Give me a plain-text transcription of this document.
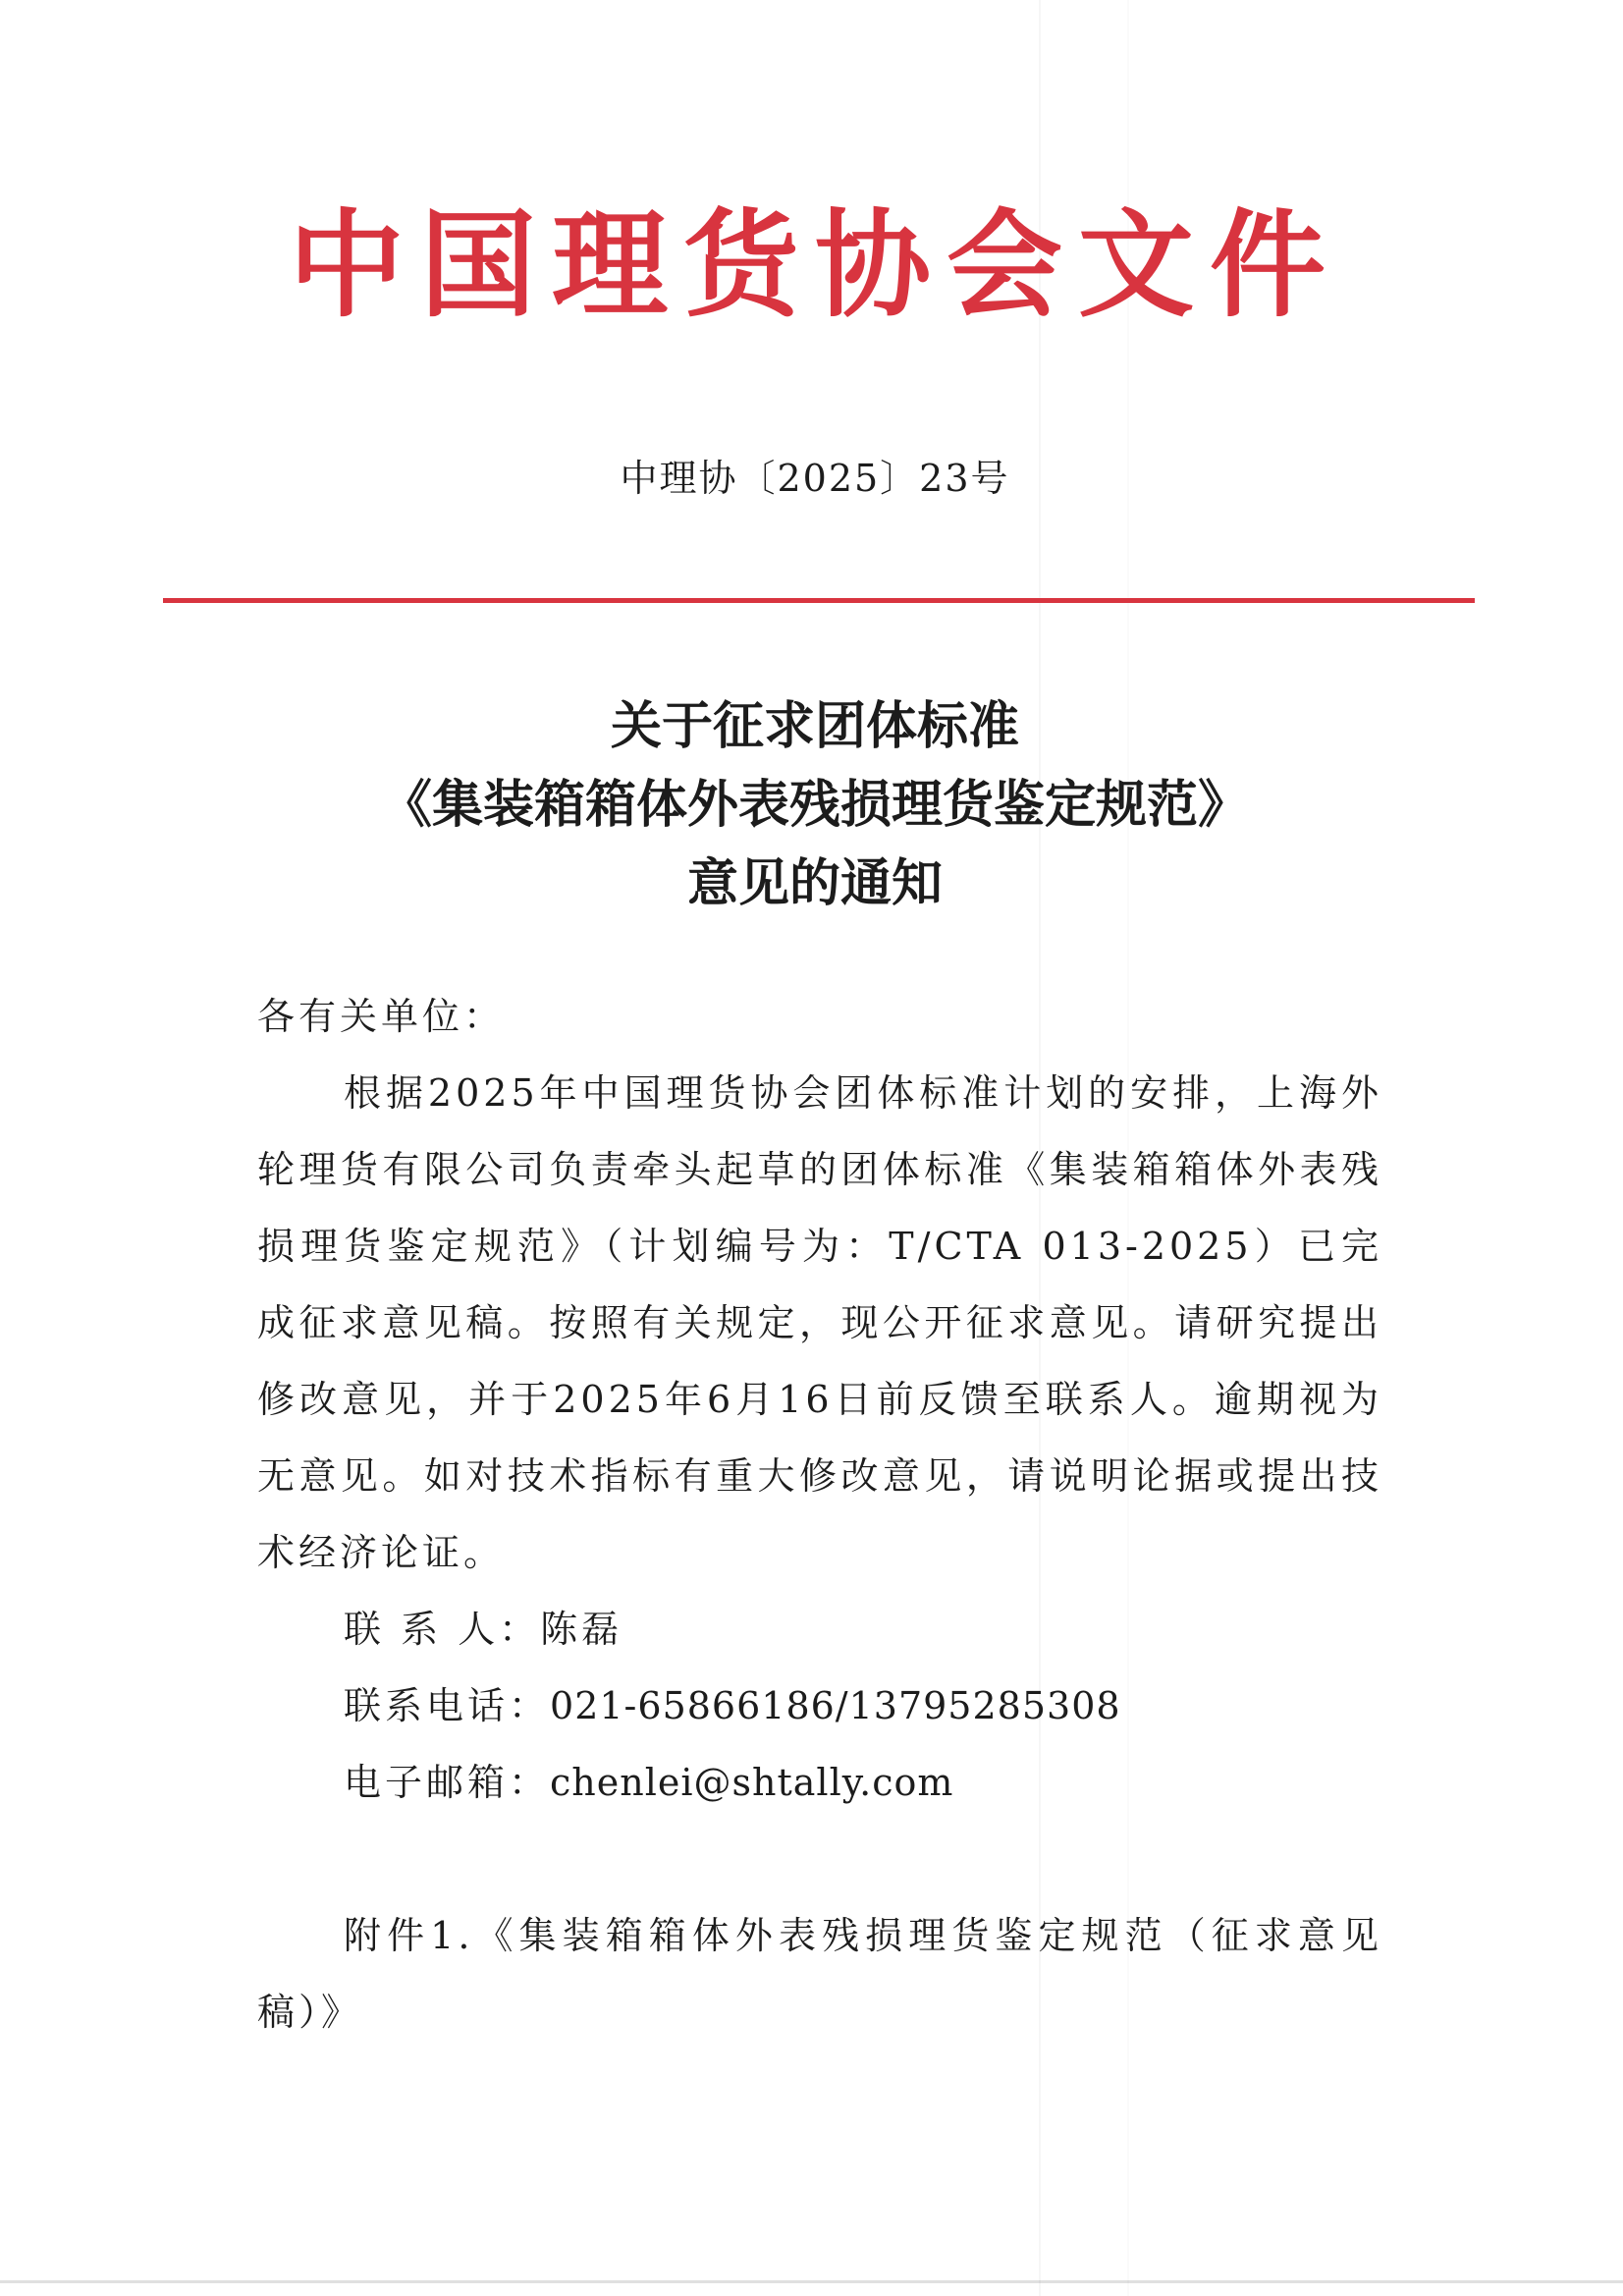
中国理货协会文件
中理协〔2025〕23号
关于征求团体标准
《集装箱箱体外表残损理货鉴定规范》
意见的通知

各有关单位：

根据2025年中国理货协会团体标准计划的安排，上海外轮理货有限公司负责牵头起草的团体标准《集装箱箱体外表残损理货鉴定规范》（计划编号为：T/CTA 013-2025）已完成征求意见稿。按照有关规定，现公开征求意见。请研究提出修改意见，并于2025年6月16日前反馈至联系人。逾期视为无意见。如对技术指标有重大修改意见，请说明论据或提出技术经济论证。

联 系 人：陈磊

联系电话：021-65866186/13795285308

电子邮箱：chenlei@shtally.com

附件1.《集装箱箱体外表残损理货鉴定规范（征求意见稿）》
